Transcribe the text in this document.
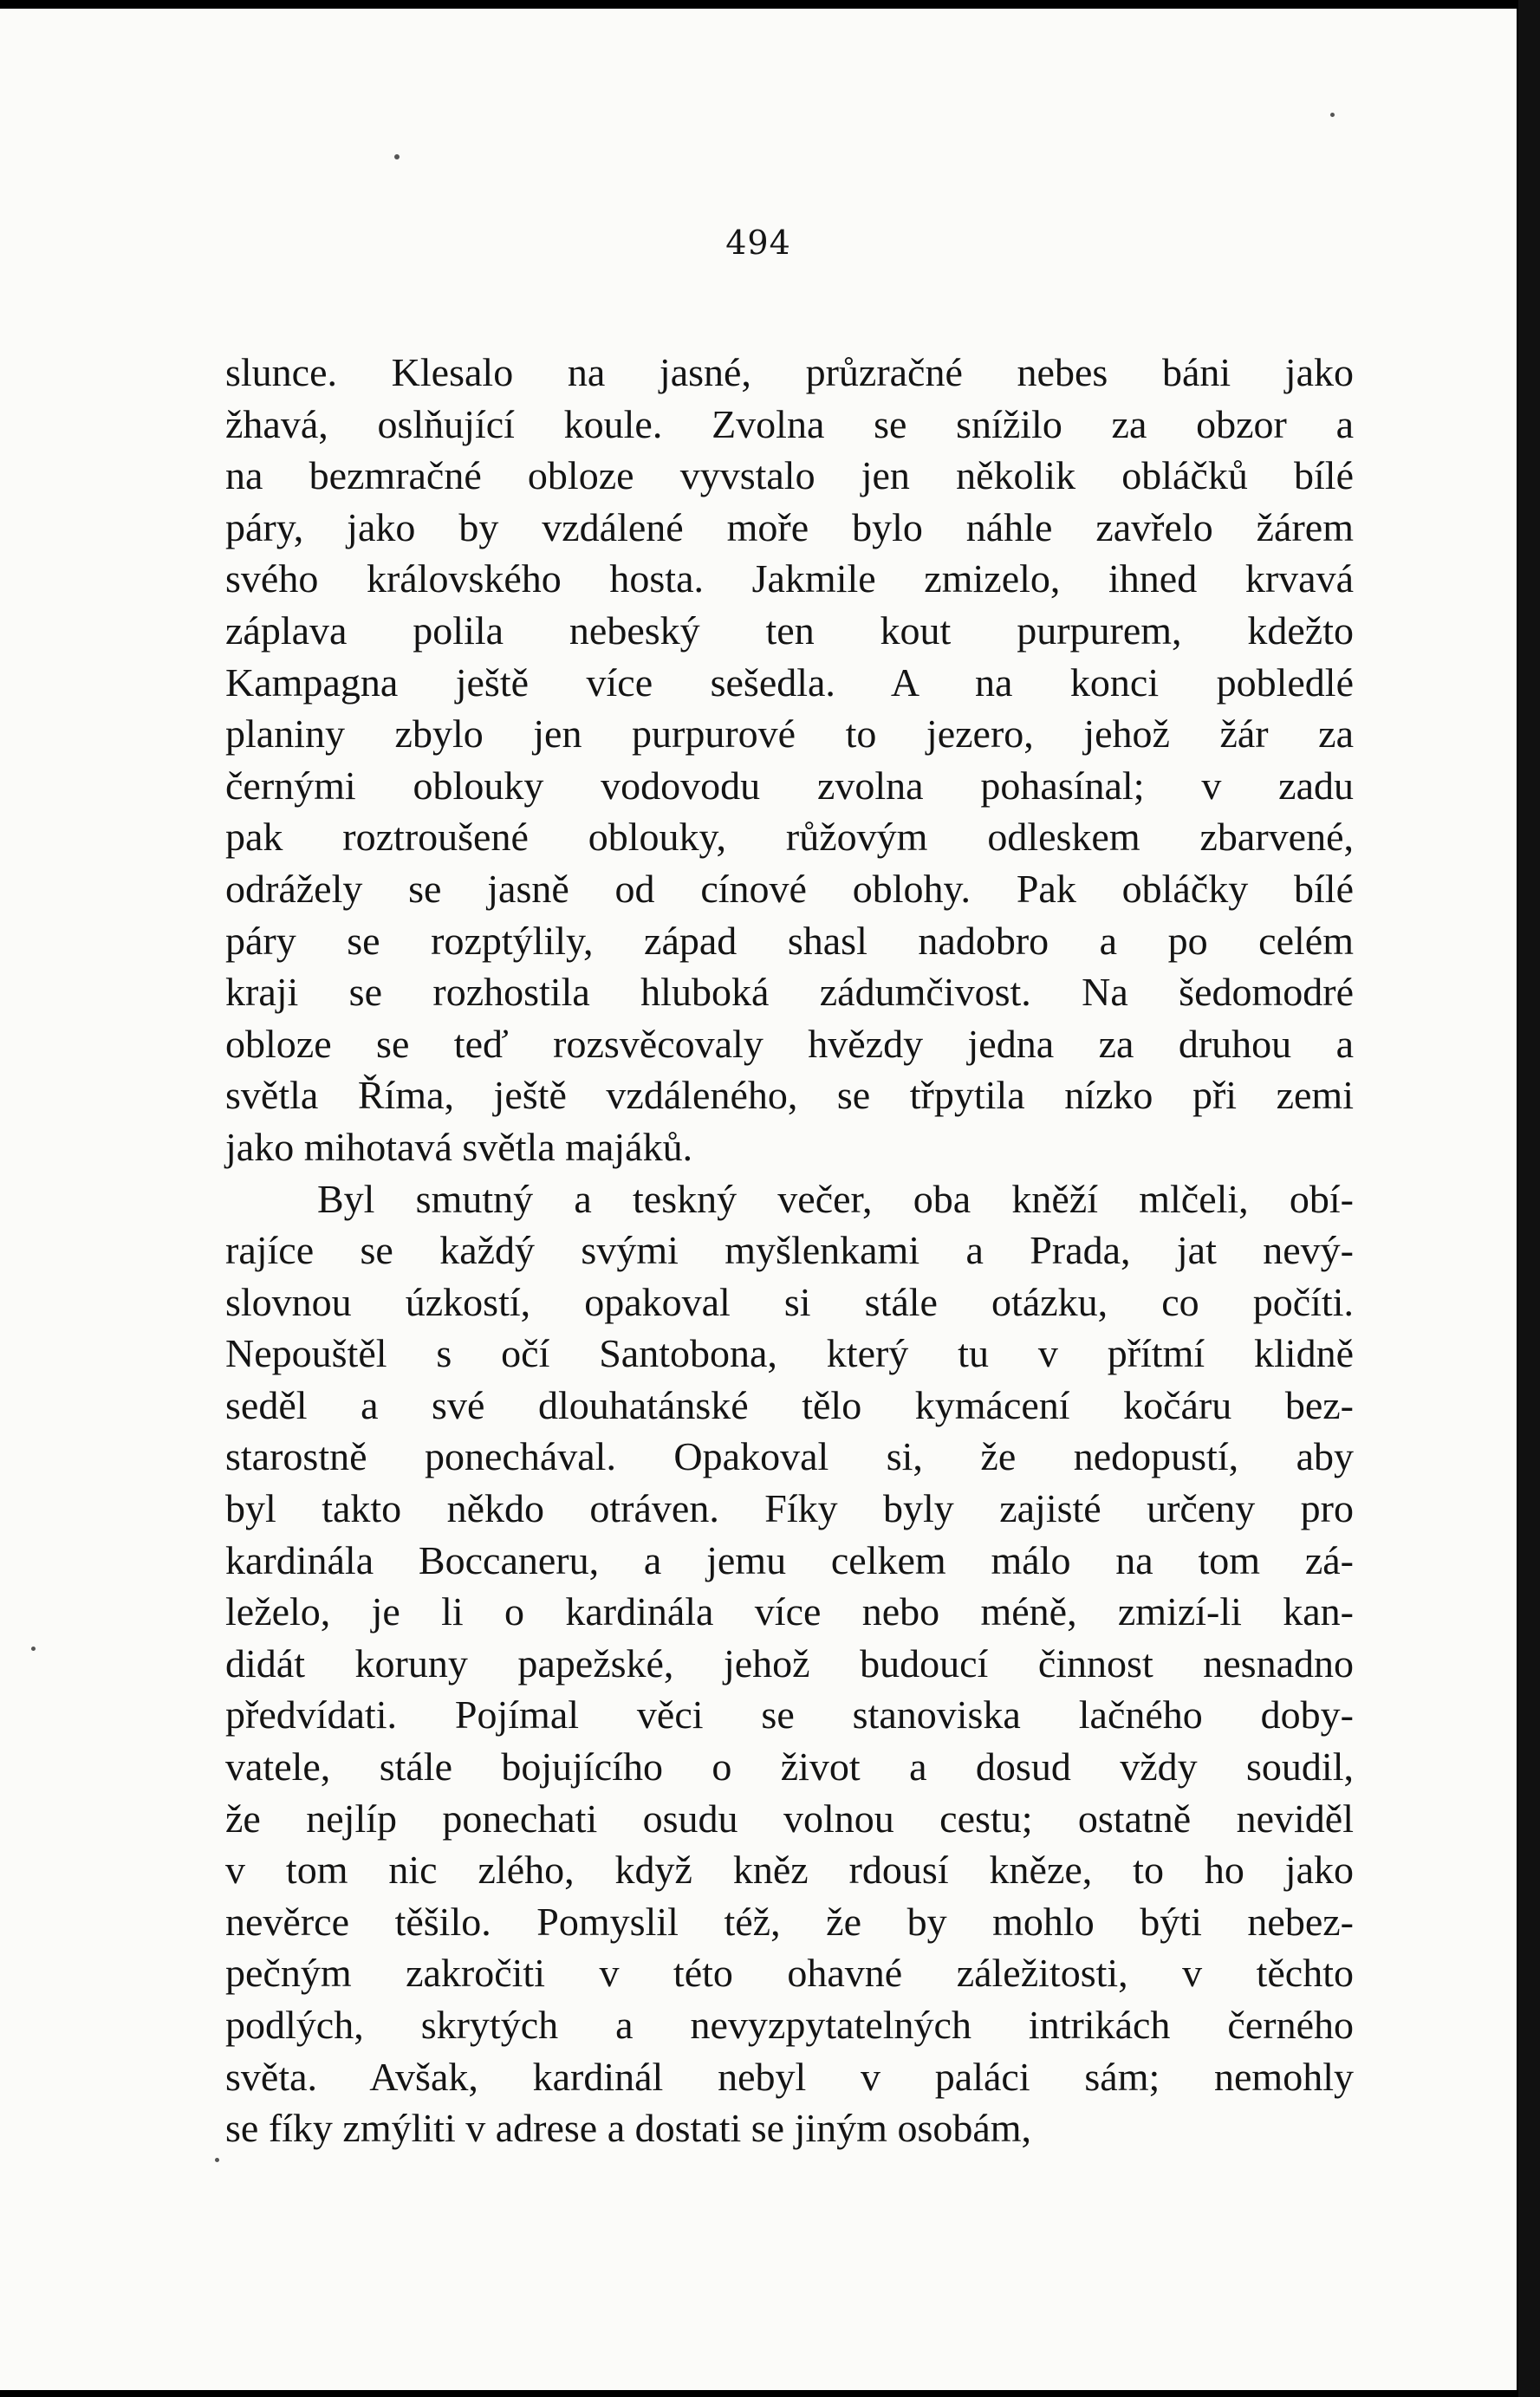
494
slunce. Klesalo na jasné, průzračné nebes báni jako
žhavá, oslňující koule. Zvolna se snížilo za obzor a
na bezmračné obloze vyvstalo jen několik obláčků bílé
páry, jako by vzdálené moře bylo náhle zavřelo žárem
svého královského hosta. Jakmile zmizelo, ihned krvavá
záplava polila nebeský ten kout purpurem, kdežto
Kampagna ještě více sešedla. A na konci pobledlé
planiny zbylo jen purpurové to jezero, jehož žár za
černými oblouky vodovodu zvolna pohasínal; v zadu
pak roztroušené oblouky, růžovým odleskem zbarvené,
odrážely se jasně od cínové oblohy. Pak obláčky bílé
páry se rozptýlily, západ shasl nadobro a po celém
kraji se rozhostila hluboká zádumčivost. Na šedomodré
obloze se teď rozsvěcovaly hvězdy jedna za druhou a
světla Říma, ještě vzdáleného, se třpytila nízko při zemi
jako mihotavá světla majáků.
Byl smutný a teskný večer, oba kněží mlčeli, obí-
rajíce se každý svými myšlenkami a Prada, jat nevý-
slovnou úzkostí, opakoval si stále otázku, co počíti.
Nepouštěl s očí Santobona, který tu v přítmí klidně
seděl a své dlouhatánské tělo kymácení kočáru bez-
starostně ponechával. Opakoval si, že nedopustí, aby
byl takto někdo otráven. Fíky byly zajisté určeny pro
kardinála Boccaneru, a jemu celkem málo na tom zá-
leželo, je li o kardinála více nebo méně, zmizí-li kan-
didát koruny papežské, jehož budoucí činnost nesnadno
předvídati. Pojímal věci se stanoviska lačného doby-
vatele, stále bojujícího o život a dosud vždy soudil,
že nejlíp ponechati osudu volnou cestu; ostatně neviděl
v tom nic zlého, když kněz rdousí kněze, to ho jako
nevěrce těšilo. Pomyslil též, že by mohlo býti nebez-
pečným zakročiti v této ohavné záležitosti, v těchto
podlých, skrytých a nevyzpytatelných intrikách černého
světa. Avšak, kardinál nebyl v paláci sám; nemohly
se fíky zmýliti v adrese a dostati se jiným osobám,
